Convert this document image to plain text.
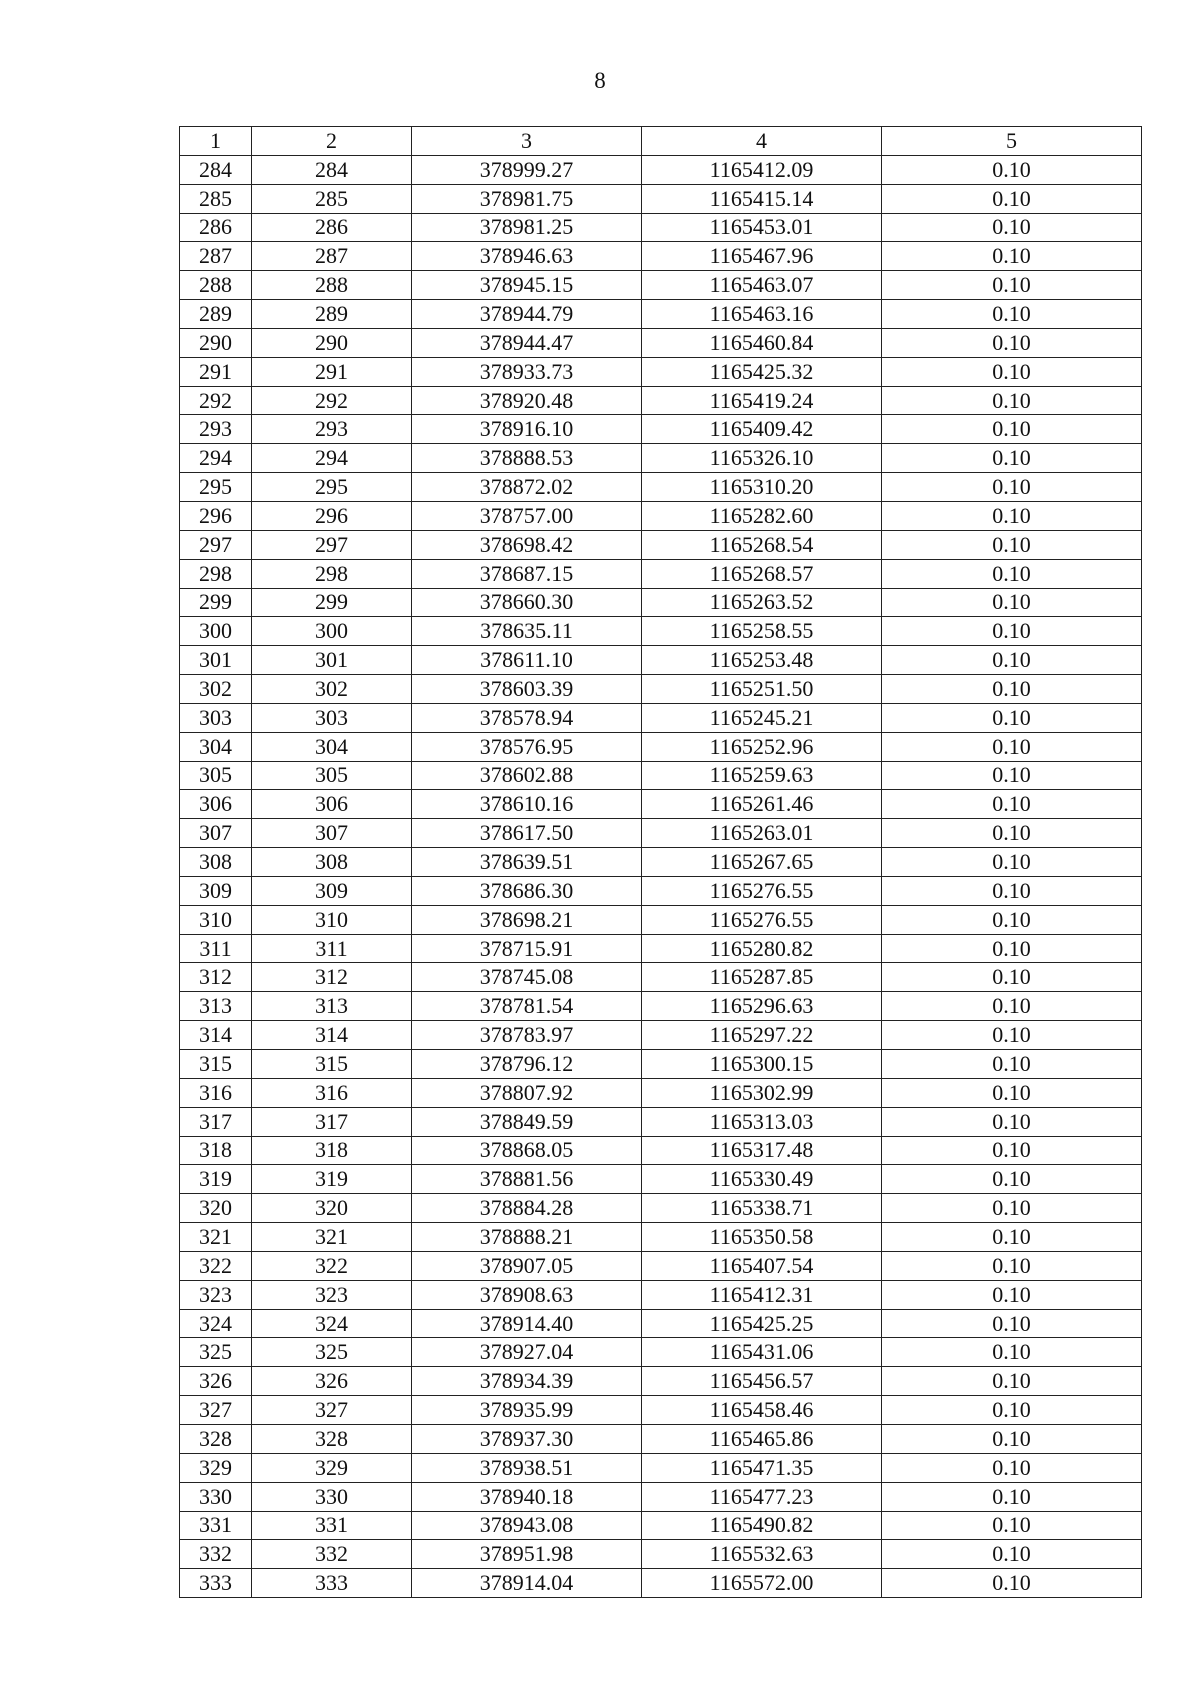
8
1	2	3	4	5
284	284	378999.27	1165412.09	0.10
285	285	378981.75	1165415.14	0.10
286	286	378981.25	1165453.01	0.10
287	287	378946.63	1165467.96	0.10
288	288	378945.15	1165463.07	0.10
289	289	378944.79	1165463.16	0.10
290	290	378944.47	1165460.84	0.10
291	291	378933.73	1165425.32	0.10
292	292	378920.48	1165419.24	0.10
293	293	378916.10	1165409.42	0.10
294	294	378888.53	1165326.10	0.10
295	295	378872.02	1165310.20	0.10
296	296	378757.00	1165282.60	0.10
297	297	378698.42	1165268.54	0.10
298	298	378687.15	1165268.57	0.10
299	299	378660.30	1165263.52	0.10
300	300	378635.11	1165258.55	0.10
301	301	378611.10	1165253.48	0.10
302	302	378603.39	1165251.50	0.10
303	303	378578.94	1165245.21	0.10
304	304	378576.95	1165252.96	0.10
305	305	378602.88	1165259.63	0.10
306	306	378610.16	1165261.46	0.10
307	307	378617.50	1165263.01	0.10
308	308	378639.51	1165267.65	0.10
309	309	378686.30	1165276.55	0.10
310	310	378698.21	1165276.55	0.10
311	311	378715.91	1165280.82	0.10
312	312	378745.08	1165287.85	0.10
313	313	378781.54	1165296.63	0.10
314	314	378783.97	1165297.22	0.10
315	315	378796.12	1165300.15	0.10
316	316	378807.92	1165302.99	0.10
317	317	378849.59	1165313.03	0.10
318	318	378868.05	1165317.48	0.10
319	319	378881.56	1165330.49	0.10
320	320	378884.28	1165338.71	0.10
321	321	378888.21	1165350.58	0.10
322	322	378907.05	1165407.54	0.10
323	323	378908.63	1165412.31	0.10
324	324	378914.40	1165425.25	0.10
325	325	378927.04	1165431.06	0.10
326	326	378934.39	1165456.57	0.10
327	327	378935.99	1165458.46	0.10
328	328	378937.30	1165465.86	0.10
329	329	378938.51	1165471.35	0.10
330	330	378940.18	1165477.23	0.10
331	331	378943.08	1165490.82	0.10
332	332	378951.98	1165532.63	0.10
333	333	378914.04	1165572.00	0.10
